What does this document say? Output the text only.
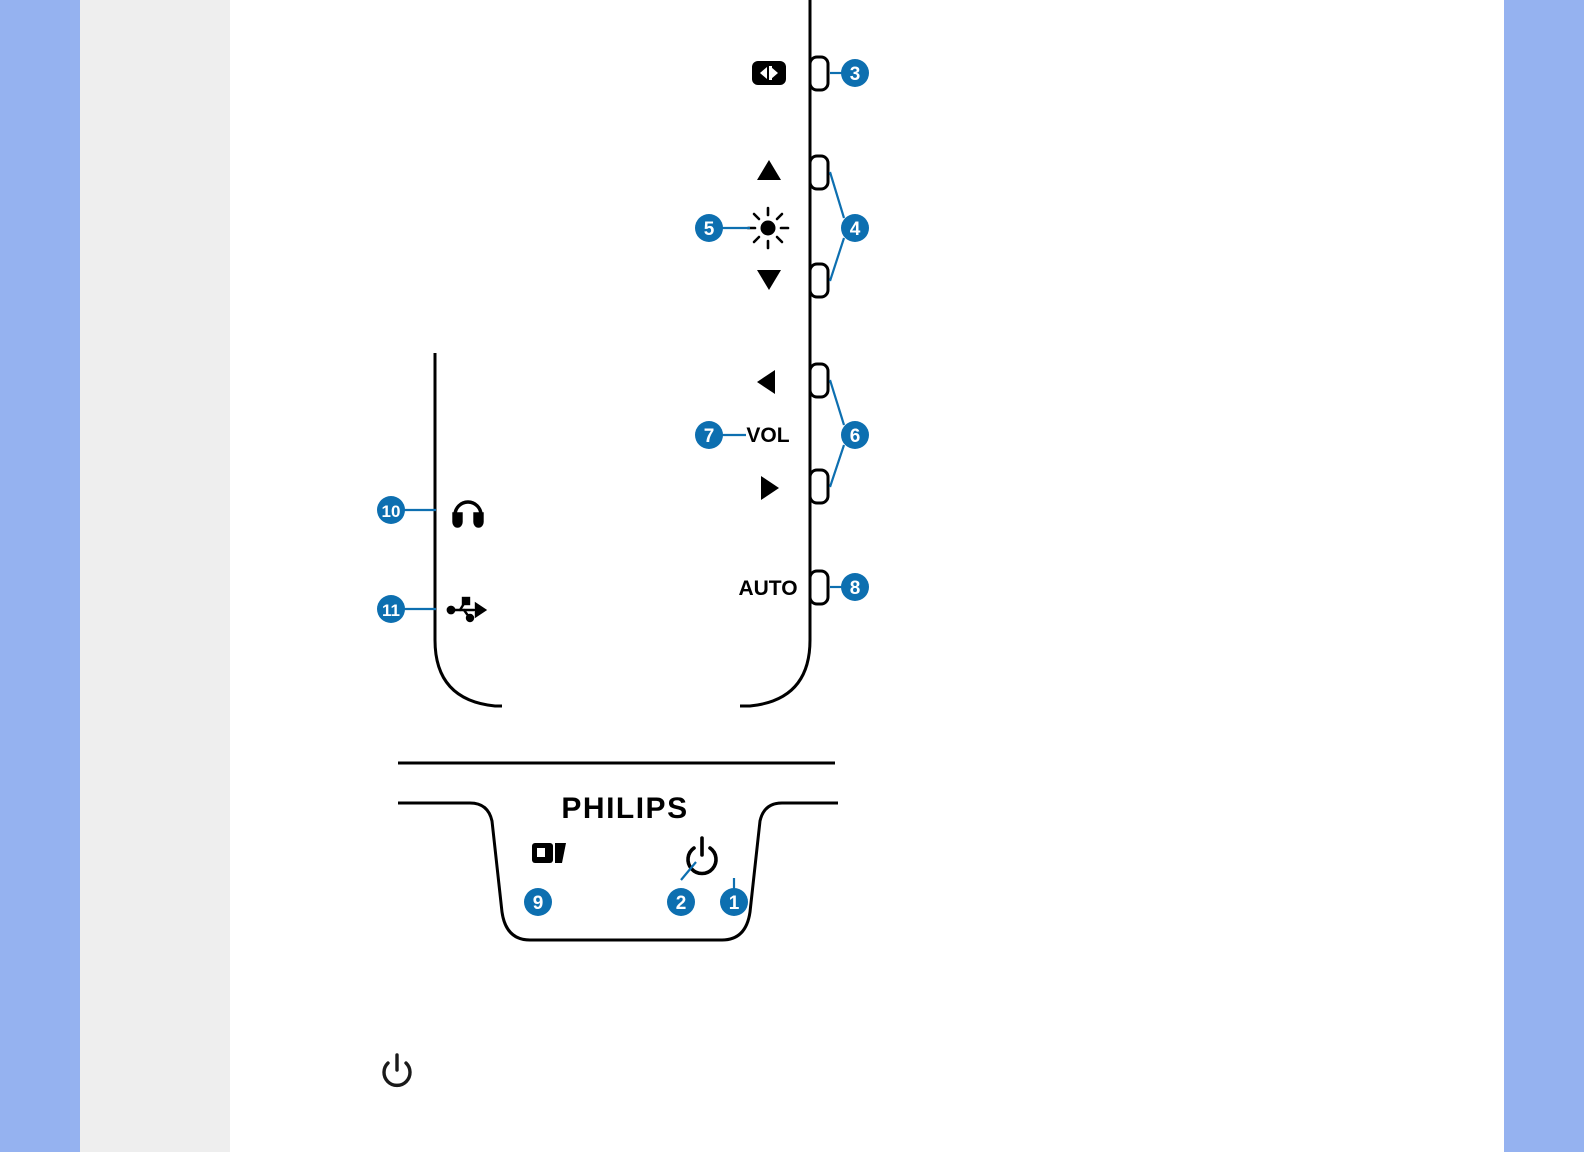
VOL
AUTO
PHILIPS
3
4
5
6
7
8
10
11
9	2 1
